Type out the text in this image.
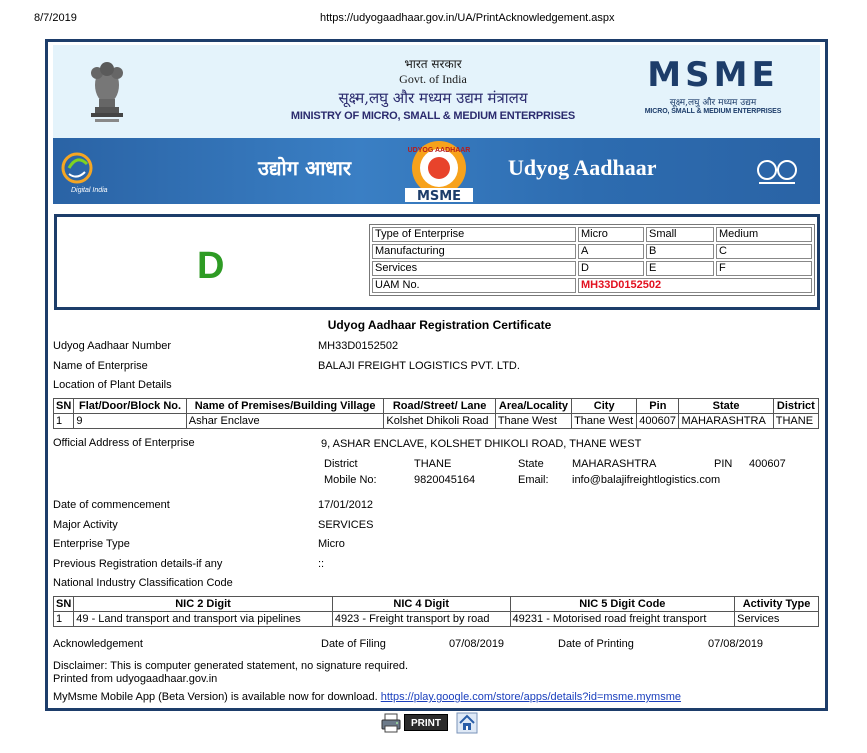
8/7/2019	https://udyogaadhaar.gov.in/UA/PrintAcknowledgement.aspx
भारत सरकार
Govt. of India
सूक्ष्म,लघु और मध्यम उद्यम मंत्रालय
MINISTRY OF MICRO, SMALL & MEDIUM ENTERPRISES
MSME
सूक्ष्म,लघु और मध्यम उद्यम
MICRO, SMALL & MEDIUM ENTERPRISES
Digital India
उद्योग आधार
MSME
UDYOG AADHAAR
Udyog Aadhaar
D
Type of Enterprise	Micro	Small	Medium
Manufacturing	A	B	C
Services	D	E	F
UAM No.	MH33D0152502		
Udyog Aadhaar Registration Certificate
Udyog Aadhaar Number	MH33D0152502
Name of Enterprise	BALAJI FREIGHT LOGISTICS PVT. LTD.
Location of Plant Details
SN	Flat/Door/Block No.	Name of Premises/Building Village	Road/Street/ Lane	Area/Locality	City	Pin	State	District
1	9	Ashar Enclave	Kolshet Dhikoli Road	Thane West	Thane West	400607	MAHARASHTRA	THANE
Official Address of Enterprise	9, ASHAR ENCLAVE, KOLSHET DHIKOLI ROAD, THANE WEST
District	THANE	State	MAHARASHTRA	PIN 400607
Mobile No:	9820045164	Email: info@balajifreightlogistics.com
Date of commencement	17/01/2012
Major Activity	SERVICES
Enterprise Type	Micro
Previous Registration details-if any	::
National Industry Classification Code
SN	NIC 2 Digit	NIC 4 Digit	NIC 5 Digit Code	Activity Type
1	49 - Land transport and transport via pipelines	4923 - Freight transport by road	49231 - Motorised road freight transport	Services
Acknowledgement	Date of Filing	07/08/2019	Date of Printing	07/08/2019
Disclaimer: This is computer generated statement, no signature required.
Printed from udyogaadhaar.gov.in
MyMsme Mobile App (Beta Version) is available now for download. https://play.google.com/store/apps/details?id=msme.mymsme
PRINT
